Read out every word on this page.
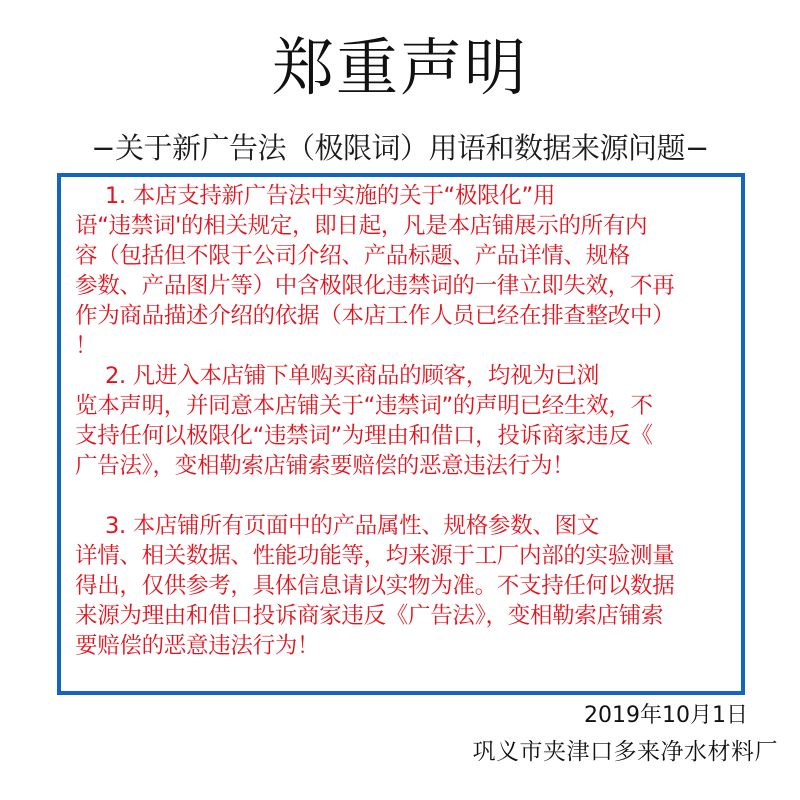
郑重声明
−关于新广告法（极限词）用语和数据来源问题−
1. 本店支持新广告法中实施的关于“极限化”用
语“违禁词'的相关规定，即日起，凡是本店铺展示的所有内
容（包括但不限于公司介绍、产品标题、产品详情、规格
参数、产品图片等）中含极限化违禁词的一律立即失效，不再
作为商品描述介绍的依据（本店工作人员已经在排查整改中）
！
2. 凡进入本店铺下单购买商品的顾客，均视为已浏
览本声明，并同意本店铺关于“违禁词”的声明已经生效，不
支持任何以极限化“违禁词”为理由和借口，投诉商家违反《
广告法》，变相勒索店铺索要赔偿的恶意违法行为！
3. 本店铺所有页面中的产品属性、规格参数、图文
详情、相关数据、性能功能等，均来源于工厂内部的实验测量
得出，仅供参考，具体信息请以实物为准。不支持任何以数据
来源为理由和借口投诉商家违反《广告法》，变相勒索店铺索
要赔偿的恶意违法行为！
2019年10月1日
巩义市夹津口多来净水材料厂
